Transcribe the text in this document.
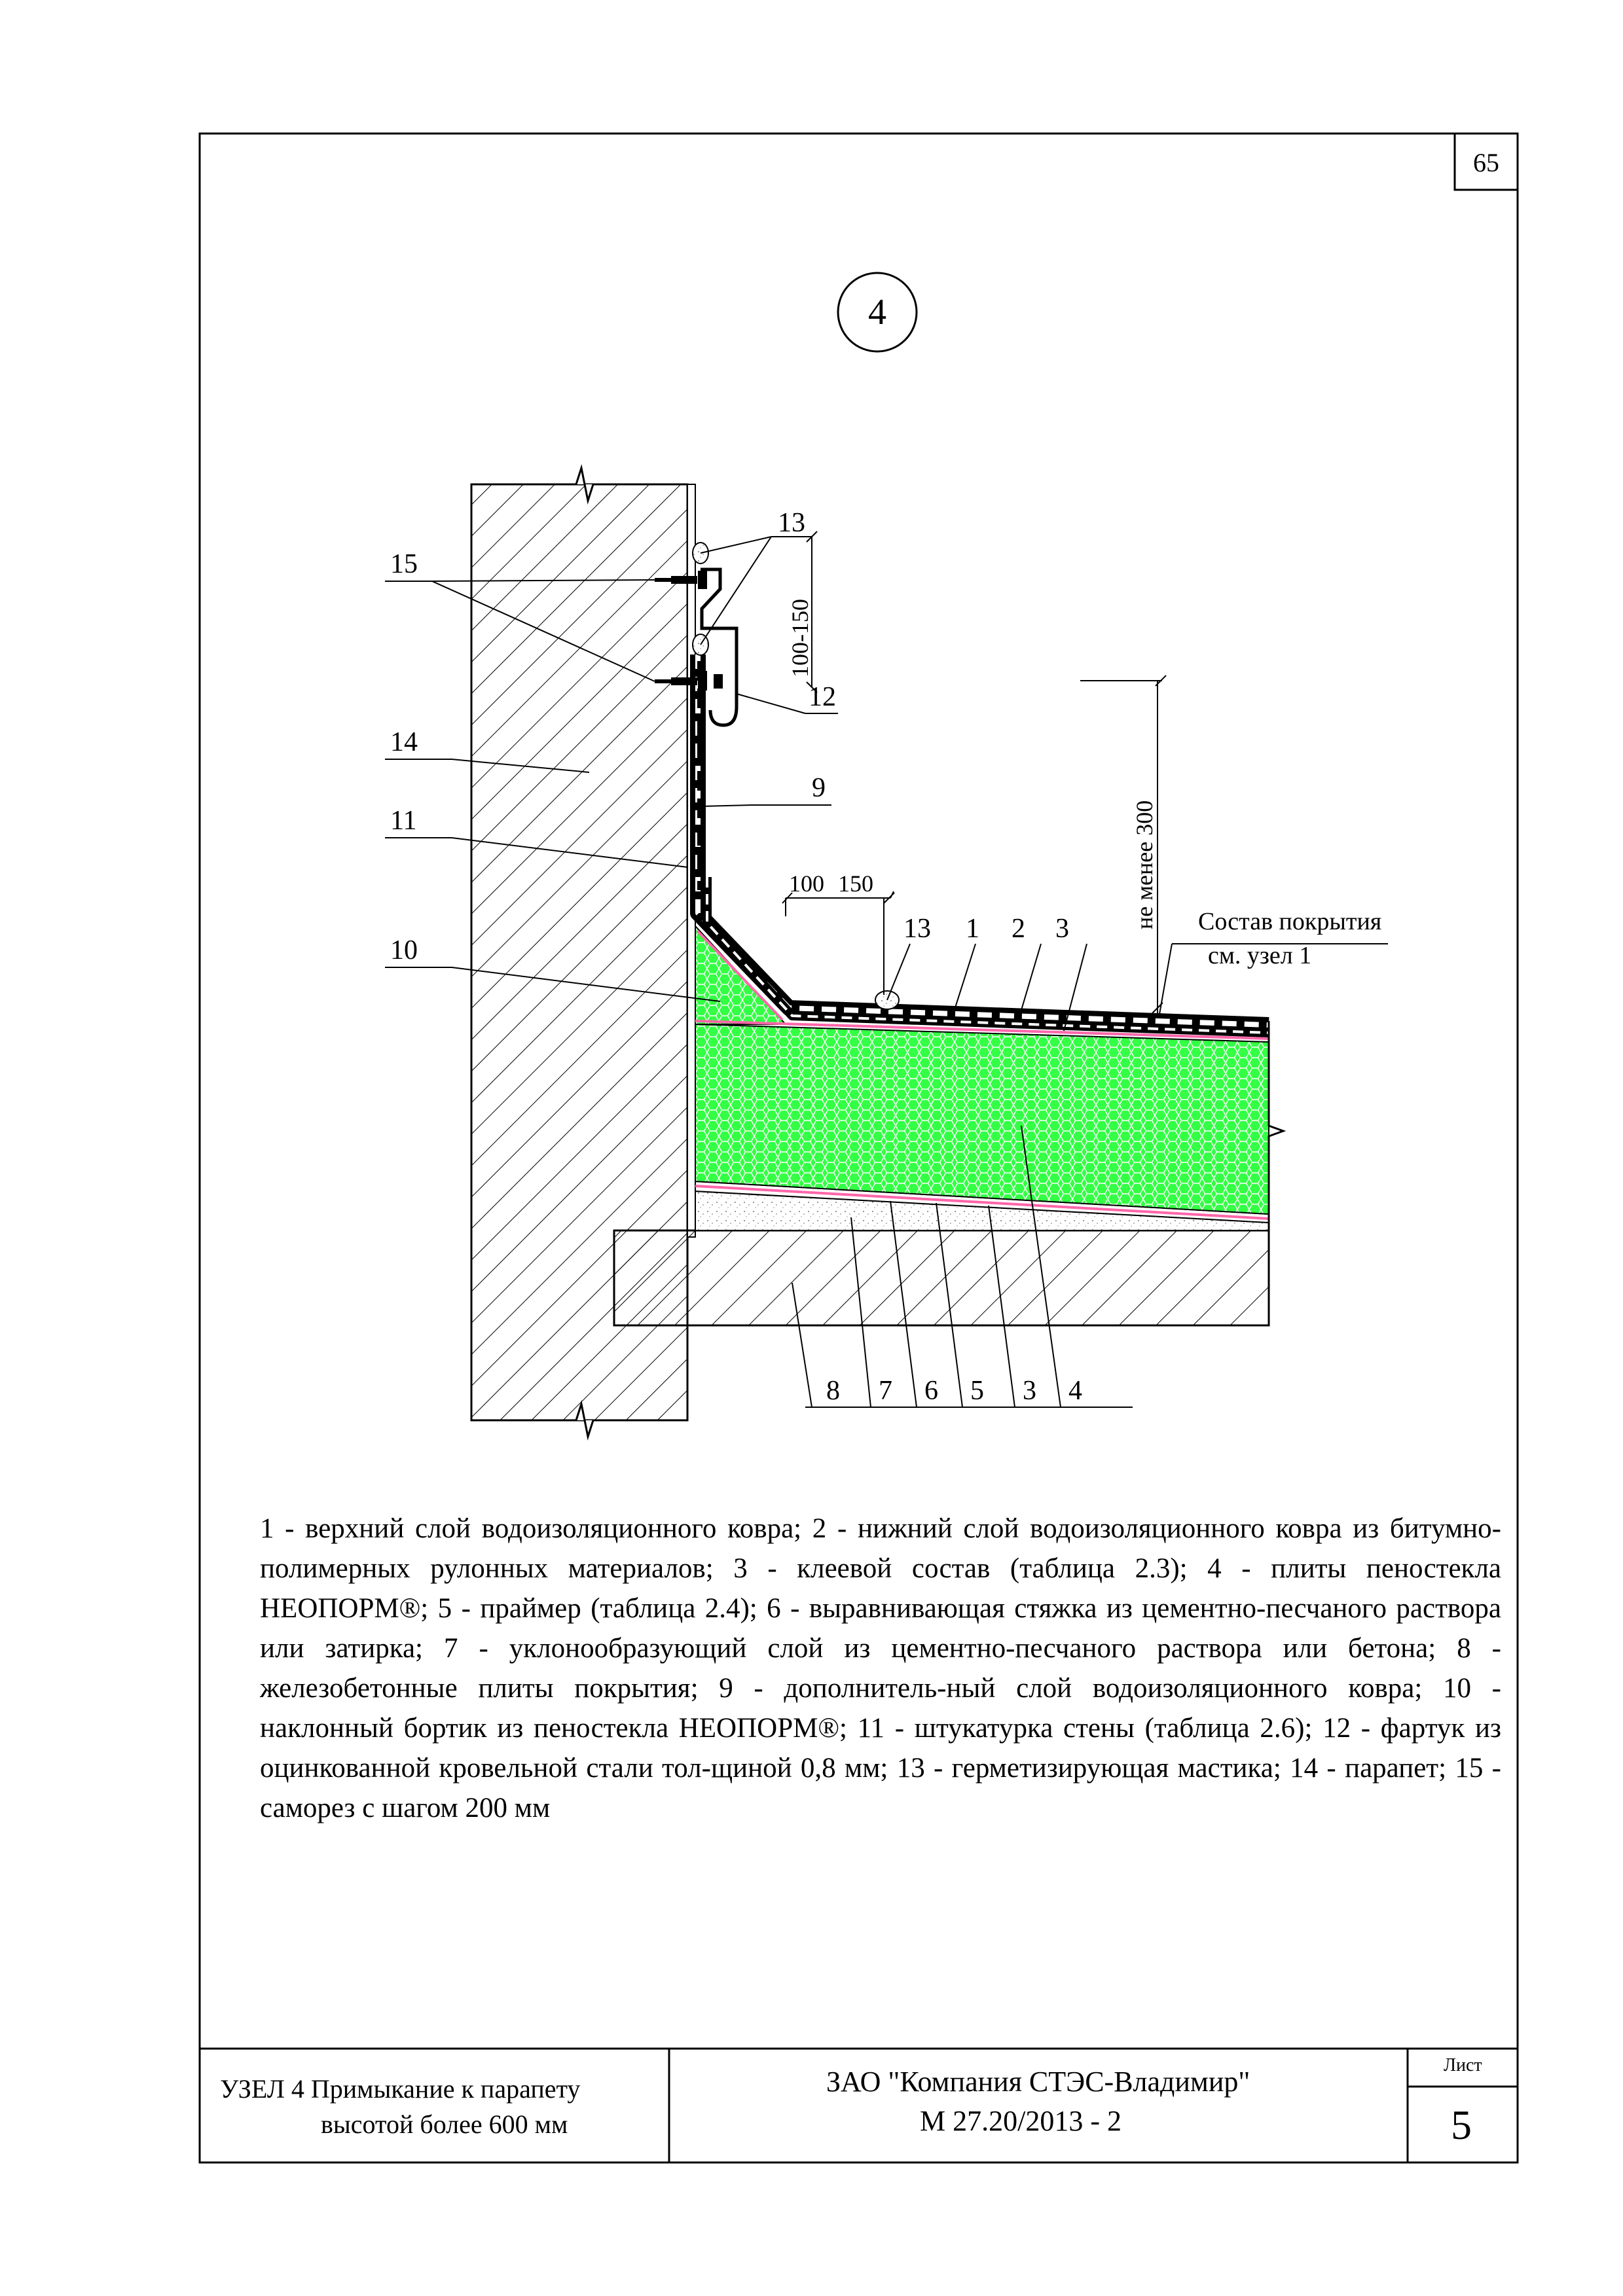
65
4
15
13
14
12
9
11
10
13 1 2 3
8 7 6 5 3 4
100-150
100 150	не менее 300 Состав покрытия
см. узел 1

1 - верхний слой водоизоляционного ковра; 2 - нижний слой водоизоляционного ковра из битумно-полимерных рулонных материалов; 3 - клеевой состав (таблица 2.3); 4 - плиты пеностекла НЕОПОРМ®; 5 - праймер (таблица 2.4); 6 - выравнивающая стяжка из цементно-песчаного раствора или затирка; 7 - уклонообразующий слой из цементно-песчаного раствора или бетона; 8 - железобетонные плиты покрытия; 9 - дополнитель-ный слой водоизоляционного ковра; 10 - наклонный бортик из пеностекла НЕОПОРМ®; 11 - штукатурка стены (таблица 2.6); 12 - фартук из оцинкованной кровельной стали тол-щиной 0,8 мм; 13 - герметизирующая мастика; 14 - парапет; 15 - саморез с шагом 200 мм

УЗЕЛ 4 Примыкание к парапету
высотой более 600 мм
ЗАО "Компания СТЭС-Владимир"
М 27.20/2013 - 2
Лист
5
